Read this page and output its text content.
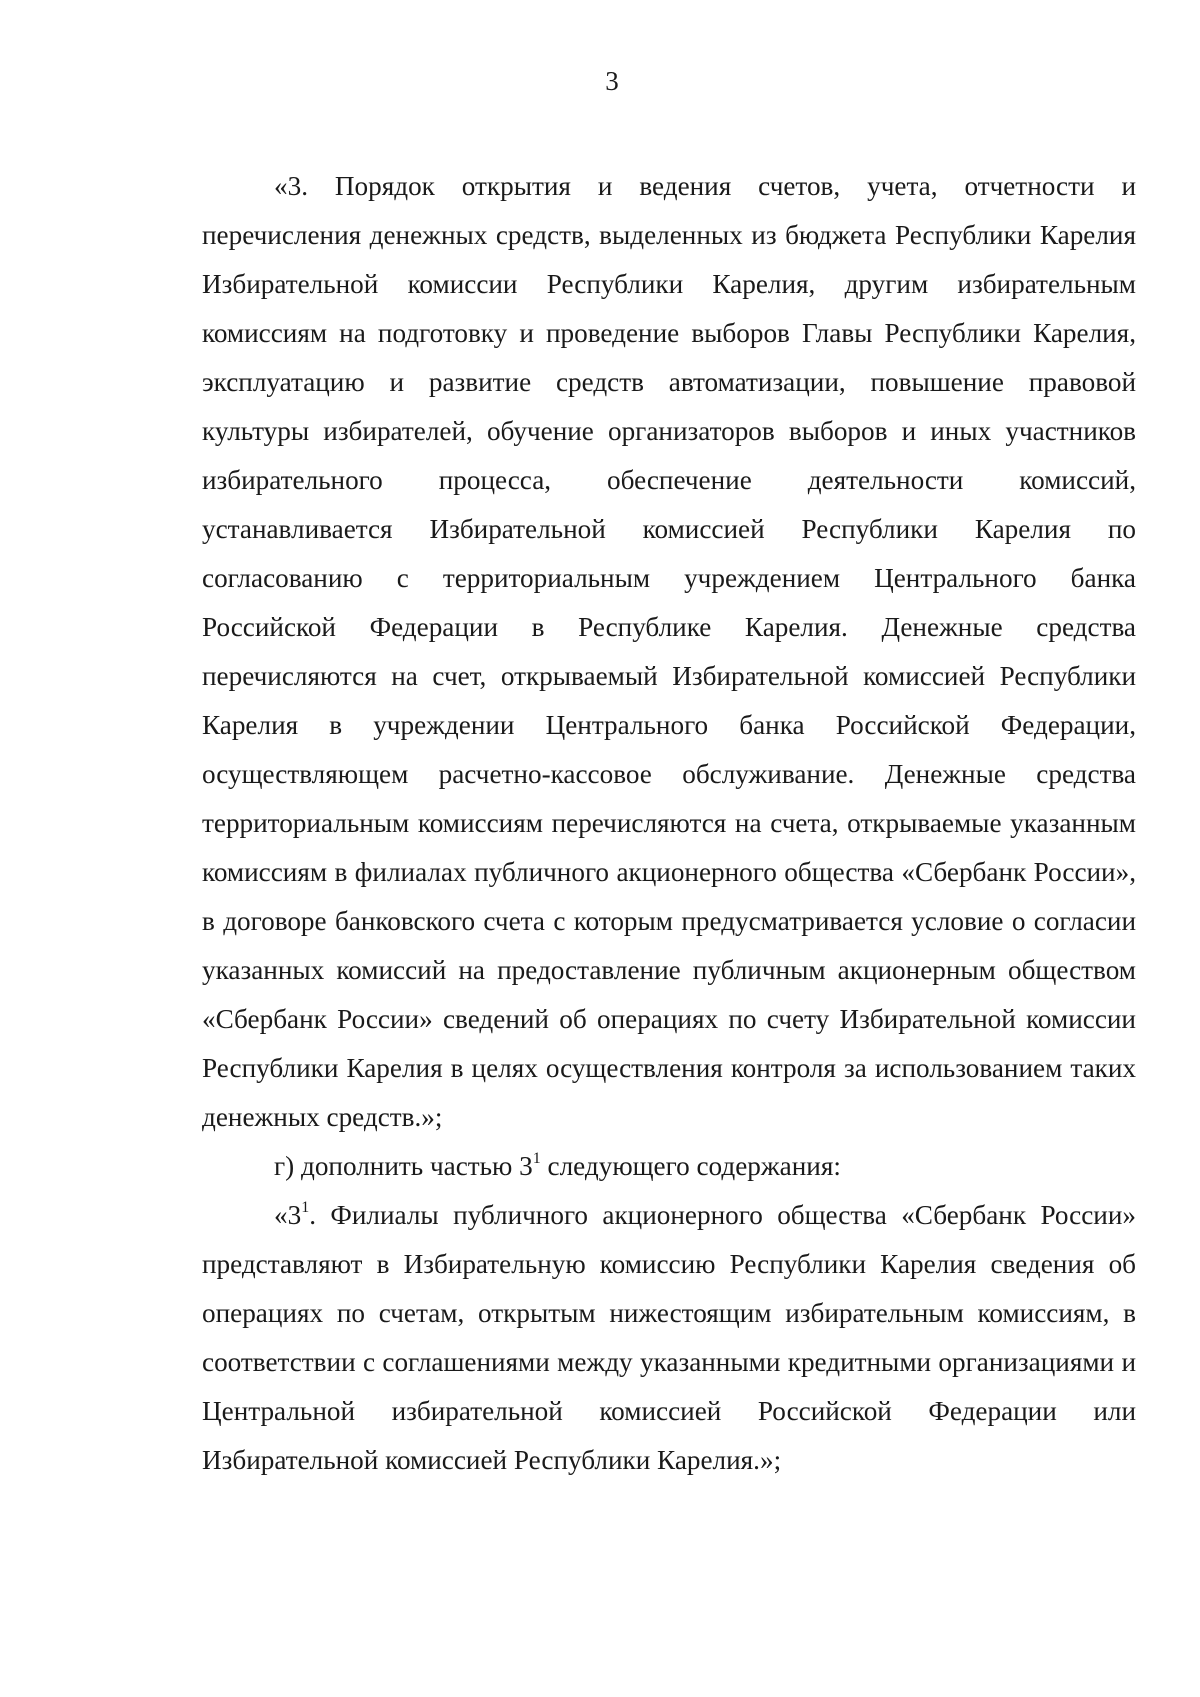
3

«3. Порядок открытия и ведения счетов, учета, отчетности и перечисления денежных средств, выделенных из бюджета Республики Карелия Избирательной комиссии Республики Карелия, другим избирательным комиссиям на подготовку и проведение выборов Главы Республики Карелия, эксплуатацию и развитие средств автоматизации, повышение правовой культуры избирателей, обучение организаторов выборов и иных участников избирательного процесса, обеспечение деятельности комиссий, устанавливается Избирательной комиссией Республики Карелия по согласованию с территориальным учреждением Центрального банка Российской Федерации в Республике Карелия. Денежные средства перечисляются на счет, открываемый Избирательной комиссией Республики Карелия в учреждении Центрального банка Российской Федерации, осуществляющем расчетно-кассовое обслуживание. Денежные средства территориальным комиссиям перечисляются на счета, открываемые указанным комиссиям в филиалах публичного акционерного общества «Сбербанк России», в договоре банковского счета с которым предусматривается условие о согласии указанных комиссий на предоставление публичным акционерным обществом «Сбербанк России» сведений об операциях по счету Избирательной комиссии Республики Карелия в целях осуществления контроля за использованием таких денежных средств.»;

г) дополнить частью $3^1$ следующего содержания:

«$3^1$. Филиалы публичного акционерного общества «Сбербанк России» представляют в Избирательную комиссию Республики Карелия сведения об операциях по счетам, открытым нижестоящим избирательным комиссиям, в соответствии с соглашениями между указанными кредитными организациями и Центральной избирательной комиссией Российской Федерации или Избирательной комиссией Республики Карелия.»;
